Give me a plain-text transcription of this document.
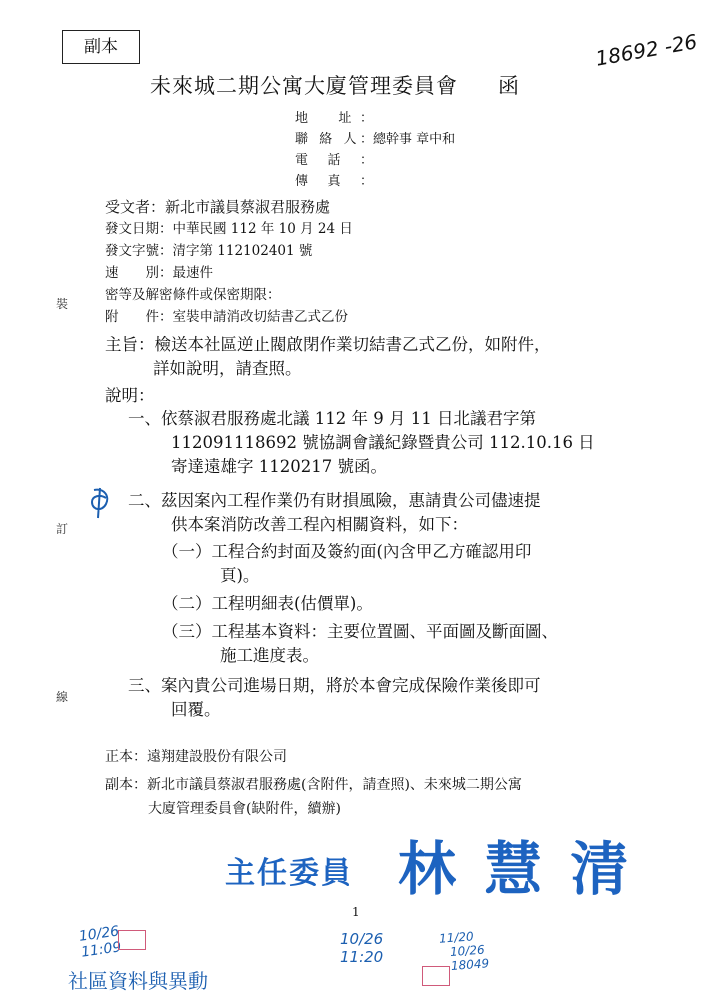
副本	18692 -26
未來城二期公寓大廈管理委員會 函
地　址：
聯 絡 人：總幹事 章中和
電話：
傳真：
受文者：新北市議員蔡淑君服務處
發文日期：中華民國 112 年 10 月 24 日
發文字號：清字第 112102401 號
速　　別：最速件
密等及解密條件或保密期限：
附　　件：室裝申請消改切結書乙式乙份
主旨：檢送本社區逆止閥啟閉作業切結書乙式乙份，如附件，
詳如說明，請查照。
說明：
一、依蔡淑君服務處北議 112 年 9 月 11 日北議君字第
112091118692 號協調會議紀錄暨貴公司 112.10.16 日
寄達遠雄字 1120217 號函。
二、茲因案內工程作業仍有財損風險，惠請貴公司儘速提
供本案消防改善工程內相關資料，如下：
（一）工程合約封面及簽約面(內含甲乙方確認用印
頁)。
（二）工程明細表(估價單)。
（三）工程基本資料：主要位置圖、平面圖及斷面圖、
施工進度表。
三、案內貴公司進場日期，將於本會完成保險作業後即可
回覆。
正本：遠翔建設股份有限公司
副本：新北市議員蔡淑君服務處(含附件，請查照)、未來城二期公寓
大廈管理委員會(缺附件，續辦)
裝
訂
線
主任委員 林 慧 清
1
10/26
11:09
社區資料與異動
10/26
11:20
11/20
10/26
18049
